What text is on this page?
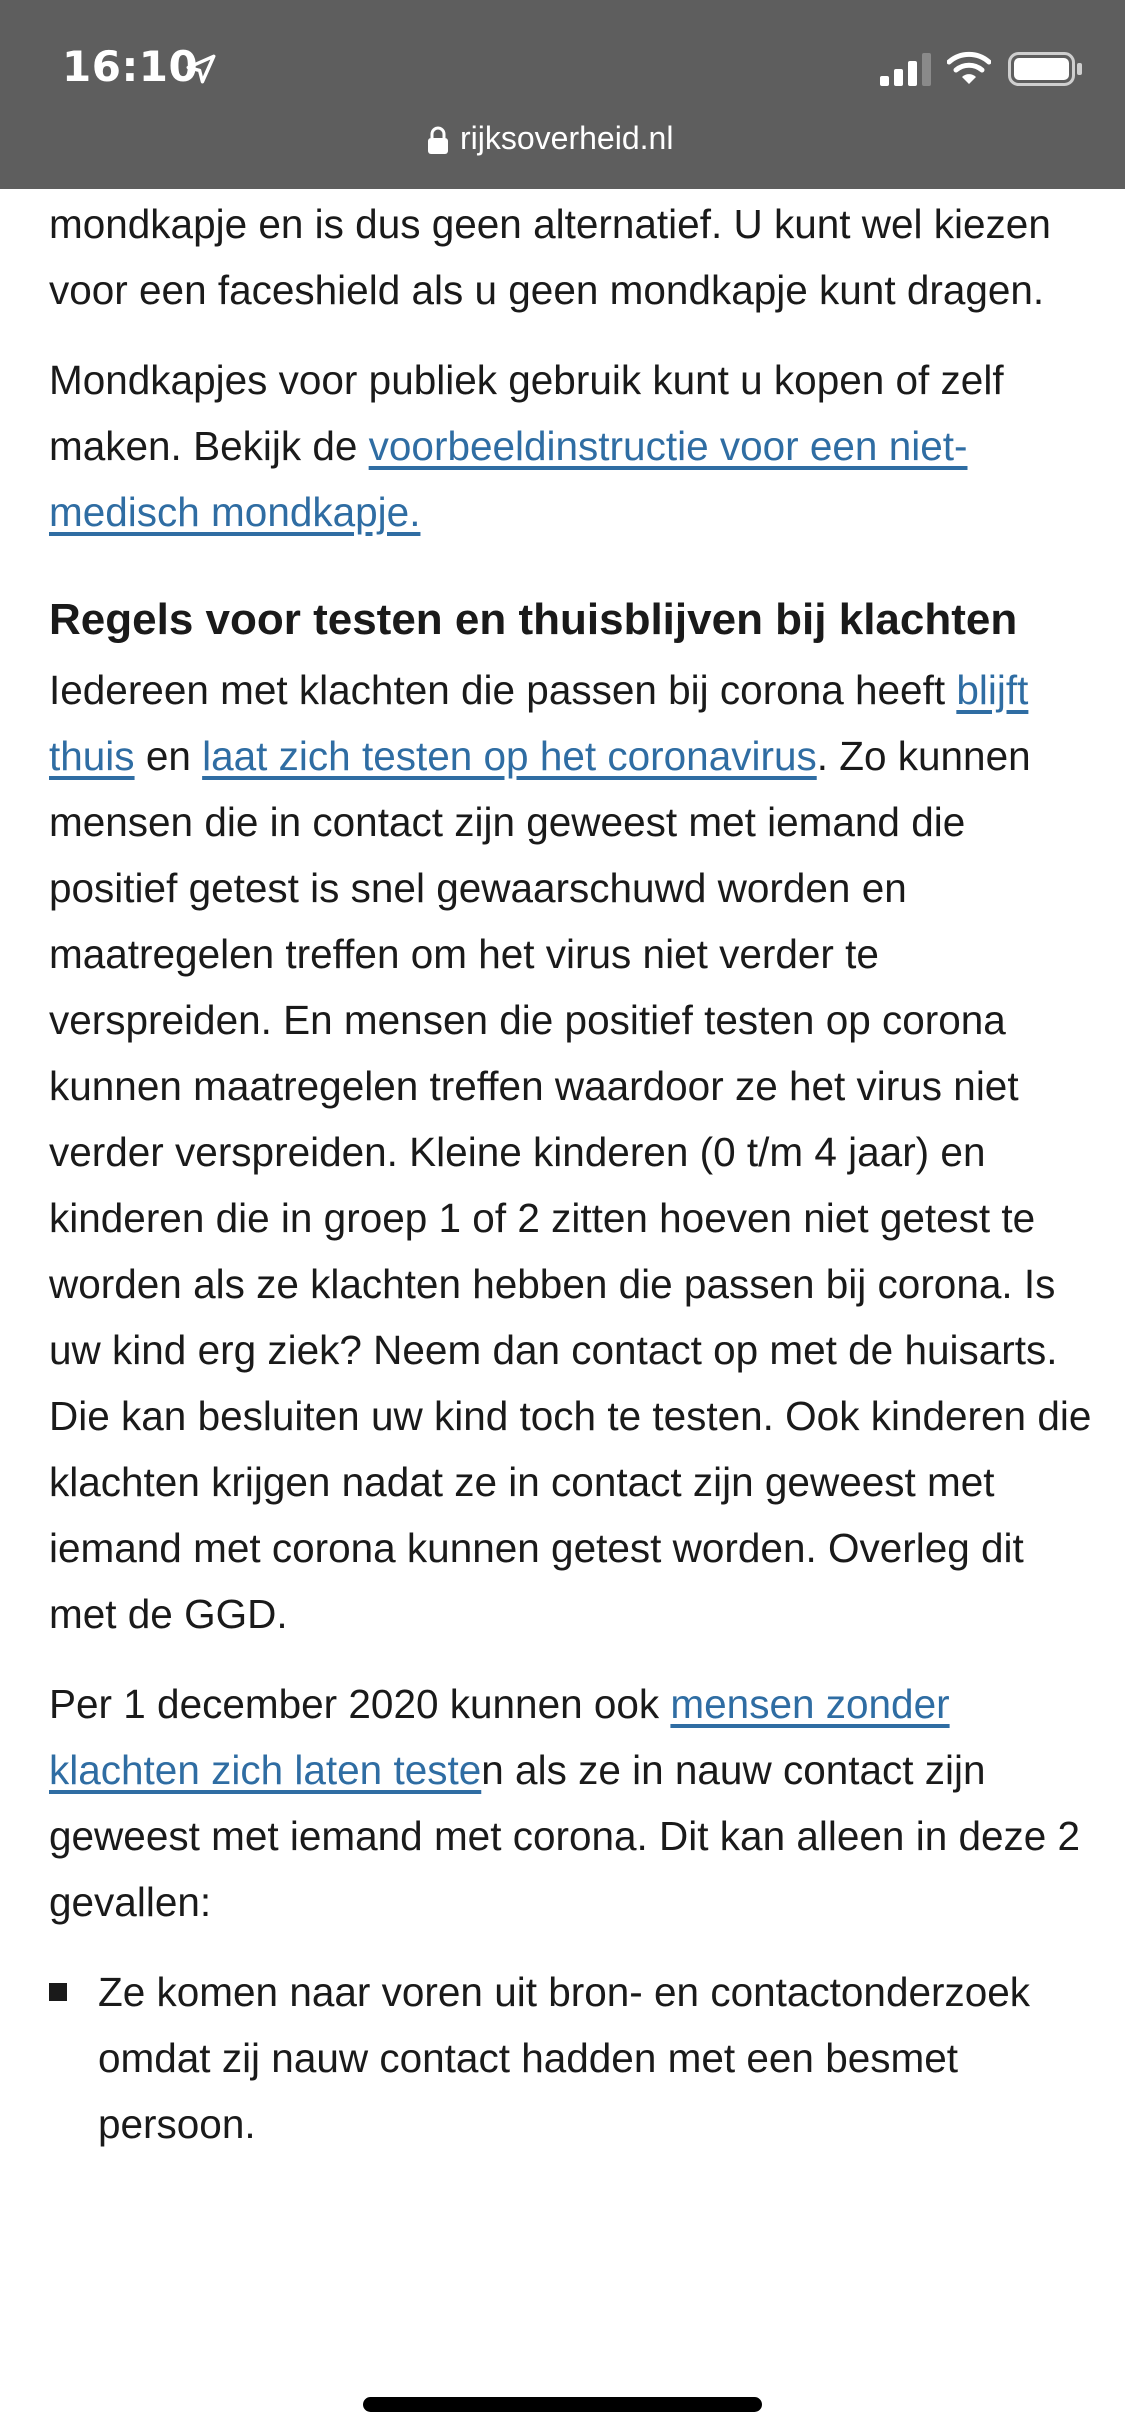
16:10
rijksoverheid.nl

mondkapje en is dus geen alternatief. U kunt wel kiezen voor een faceshield als u geen mondkapje kunt dragen.

Mondkapjes voor publiek gebruik kunt u kopen of zelf maken. Bekijk de voorbeeldinstructie voor een niet-medisch mondkapje.

Regels voor testen en thuisblijven bij klachten

Iedereen met klachten die passen bij corona heeft blijft thuis en laat zich testen op het coronavirus. Zo kunnen mensen die in contact zijn geweest met iemand die positief getest is snel gewaarschuwd worden en maatregelen treffen om het virus niet verder te verspreiden. En mensen die positief testen op corona kunnen maatregelen treffen waardoor ze het virus niet verder verspreiden. Kleine kinderen (0 t/m 4 jaar) en kinderen die in groep 1 of 2 zitten hoeven niet getest te worden als ze klachten hebben die passen bij corona. Is uw kind erg ziek? Neem dan contact op met de huisarts. Die kan besluiten uw kind toch te testen. Ook kinderen die klachten krijgen nadat ze in contact zijn geweest met iemand met corona kunnen getest worden. Overleg dit met de GGD.

Per 1 december 2020 kunnen ook mensen zonder klachten zich laten testen als ze in nauw contact zijn geweest met iemand met corona. Dit kan alleen in deze 2 gevallen:

Ze komen naar voren uit bron- en contactonderzoek omdat zij nauw contact hadden met een besmet persoon.
